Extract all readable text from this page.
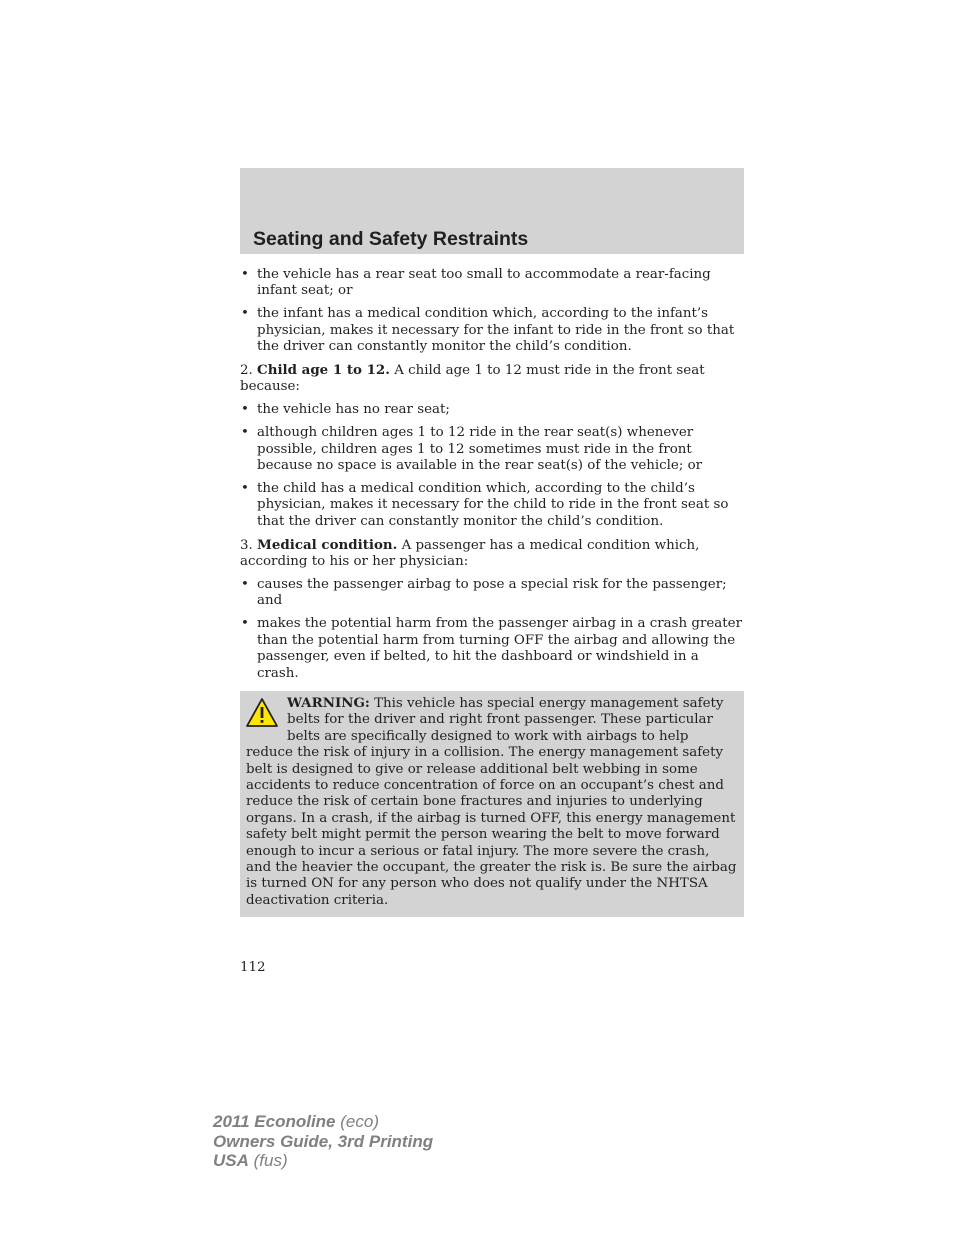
Seating and Safety Restraints
• the vehicle has a rear seat too small to accommodate a rear-facing infant seat; or
• the infant has a medical condition which, according to the infant’s physician, makes it necessary for the infant to ride in the front so that the driver can constantly monitor the child’s condition.
2. Child age 1 to 12. A child age 1 to 12 must ride in the front seat because:
• the vehicle has no rear seat;
• although children ages 1 to 12 ride in the rear seat(s) whenever possible, children ages 1 to 12 sometimes must ride in the front because no space is available in the rear seat(s) of the vehicle; or
• the child has a medical condition which, according to the child’s physician, makes it necessary for the child to ride in the front seat so that the driver can constantly monitor the child’s condition.
3. Medical condition. A passenger has a medical condition which, according to his or her physician:
• causes the passenger airbag to pose a special risk for the passenger; and
• makes the potential harm from the passenger airbag in a crash greater than the potential harm from turning OFF the airbag and allowing the passenger, even if belted, to hit the dashboard or windshield in a crash.
WARNING: This vehicle has special energy management safety belts for the driver and right front passenger. These particular belts are specifically designed to work with airbags to help reduce the risk of injury in a collision. The energy management safety belt is designed to give or release additional belt webbing in some accidents to reduce concentration of force on an occupant’s chest and reduce the risk of certain bone fractures and injuries to underlying organs. In a crash, if the airbag is turned OFF, this energy management safety belt might permit the person wearing the belt to move forward enough to incur a serious or fatal injury. The more severe the crash, and the heavier the occupant, the greater the risk is. Be sure the airbag is turned ON for any person who does not qualify under the NHTSA deactivation criteria.
112
2011 Econoline (eco)
Owners Guide, 3rd Printing
USA (fus)
